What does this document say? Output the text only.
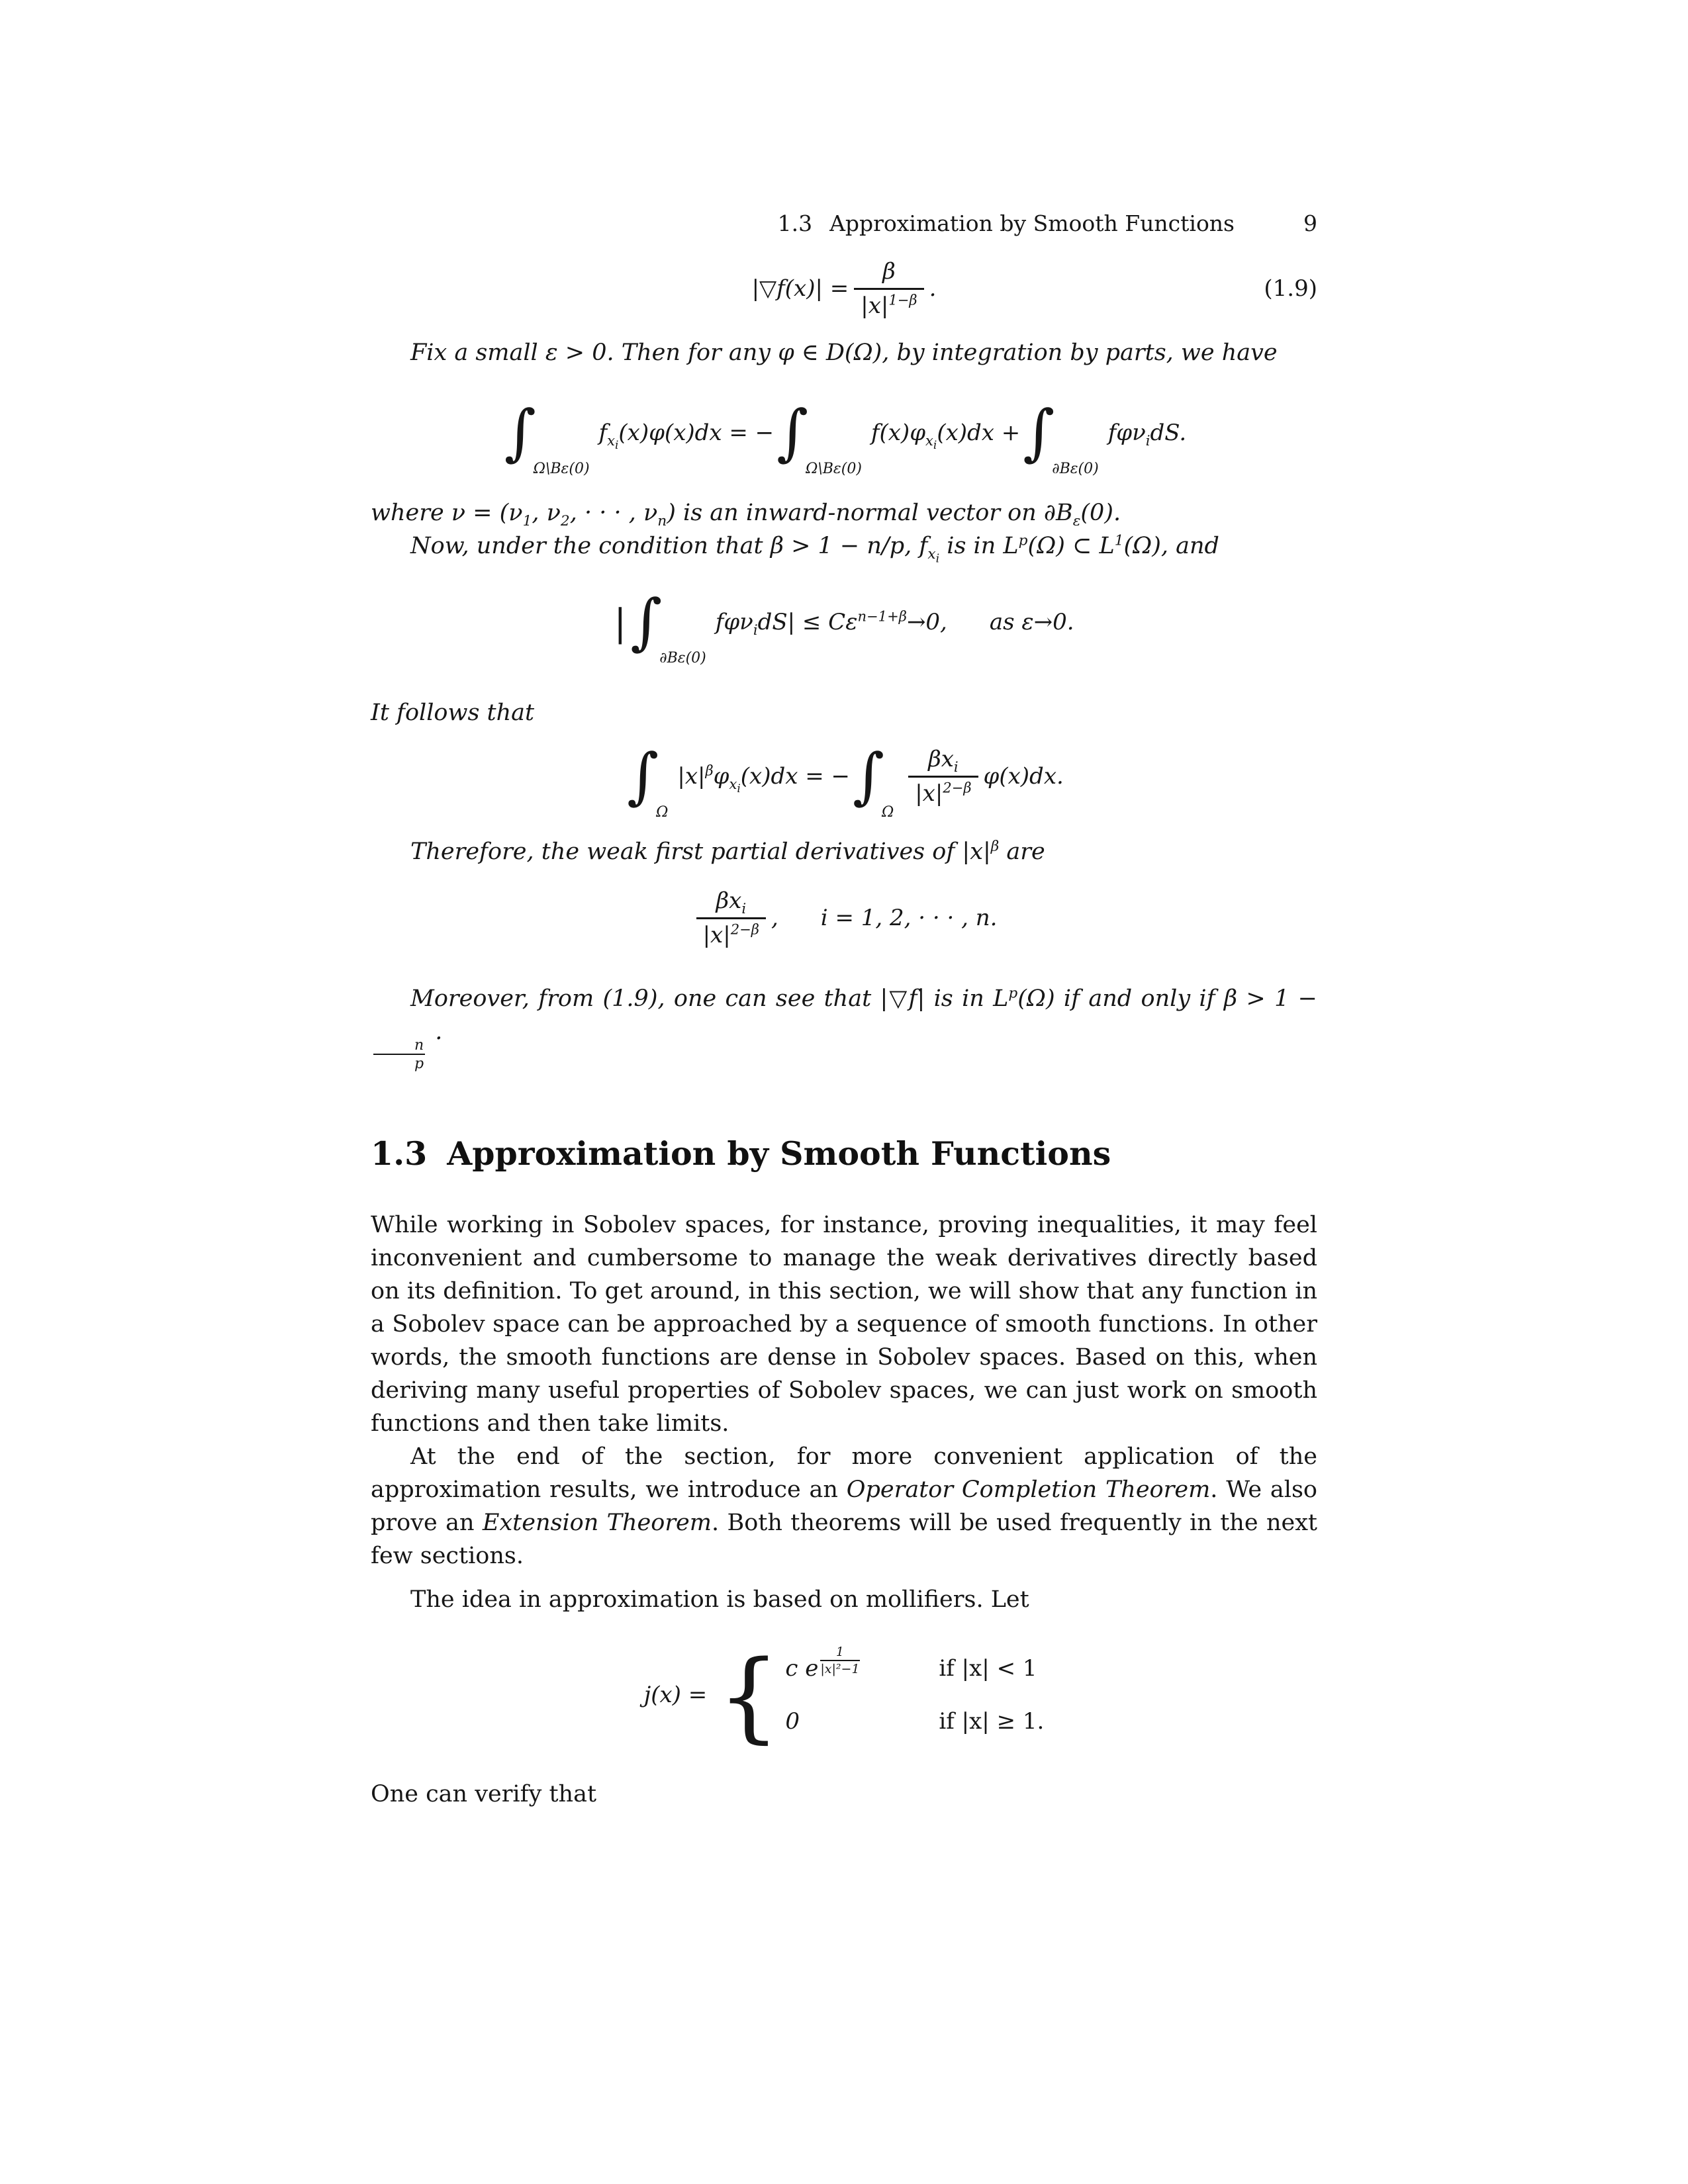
1.3 Approximation by Smooth Functions	9
|▽f(x)| = $\frac{\beta}{|x|^{1-\beta}}$ .	(1.9)

Fix a small ε > 0. Then for any φ ∈ D(Ω), by integration by parts, we have

∫
Ω\Bε(0)
$f_{x_i}(x)\varphi(x)dx$ = − ∫
Ω\Bε(0)
$f(x)\varphi_{x_i}(x)dx$ + ∫
∂Bε(0)
fφν$_i$dS.

where $\nu = (\nu_1$, $\nu_2$, · · · , $\nu_n$) is an inward-normal vector on $\partial B_\varepsilon(0)$.

Now, under the condition that β > 1 − n/p, $f_{x_i}$ is in $L^p(\Omega)$ ⊂ $L^1(\Omega)$, and

| ∫
∂Bε(0)
$f\varphi\nu_idS| \le C\varepsilon^{n-1+\beta}\to 0$, as ε→0.

It follows that

∫
Ω
$|x|^\beta\varphi_{x_i}(x)dx$ = − ∫
Ω
$\frac{\beta x_i}{|x|^{2-\beta}} \varphi(x)dx$.

Therefore, the weak first partial derivatives of $|x|^\beta$ are

$\frac{\beta x_i}{|x|^{2-\beta}}$ , i = 1, 2, · · · , n.

Moreover, from (1.9), one can see that |▽f| is in $L^p(\Omega)$ if and only if β > 1 −
$\frac{n}{p}$
.

1.3 Approximation by Smooth Functions

While working in Sobolev spaces, for instance, proving inequalities, it may feel inconvenient and cumbersome to manage the weak derivatives directly based on its definition. To get around, in this section, we will show that any function in a Sobolev space can be approached by a sequence of smooth functions. In other words, the smooth functions are dense in Sobolev spaces. Based on this, when deriving many useful properties of Sobolev spaces, we can just work on smooth functions and then take limits.

At the end of the section, for more convenient application of the approximation results, we introduce an Operator Completion Theorem. We also prove an Extension Theorem. Both theorems will be used frequently in the next few sections.

The idea in approximation is based on mollifiers. Let

j(x) = { c e $\frac{1}{\text{|x|²−1}}$	if |x| < 1
0	if |x| ≥ 1.

One can verify that
